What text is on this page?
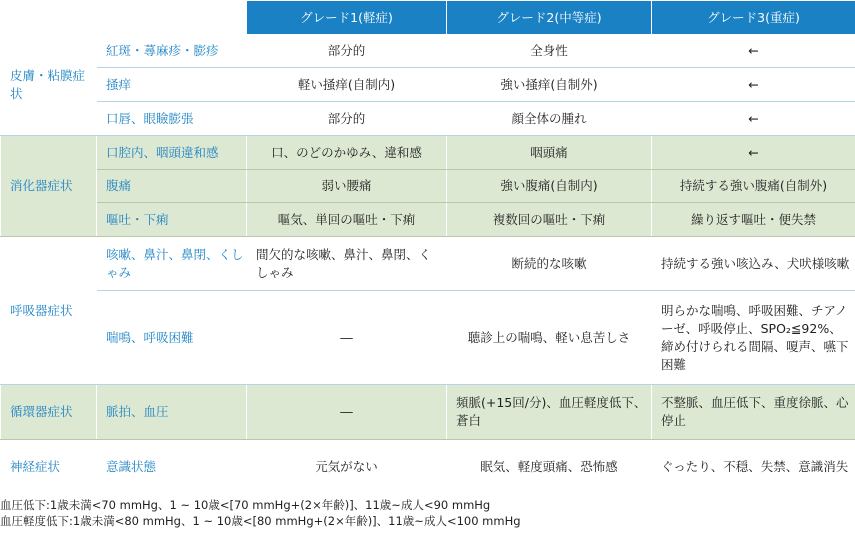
		グレード1(軽症)	グレード2(中等症)	グレード3(重症)
皮膚・粘膜症状	紅斑・蕁麻疹・膨疹	部分的	全身性	←
	掻痒	軽い掻痒(自制内)	強い掻痒(自制外)	←
	口唇、眼瞼膨張	部分的	顔全体の腫れ	←
消化器症状	口腔内、咽頭違和感	口、のどのかゆみ、違和感	咽頭痛	←
	腹痛	弱い腰痛	強い腹痛(自制内)	持続する強い腹痛(自制外)
	嘔吐・下痢	嘔気、単回の嘔吐・下痢	複数回の嘔吐・下痢	繰り返す嘔吐・便失禁
呼吸器症状	咳嗽、鼻汁、鼻閉、くしゃみ	間欠的な咳嗽、鼻汁、鼻閉、くしゃみ	断続的な咳嗽	持続する強い咳込み、犬吠様咳嗽
	喘鳴、呼吸困難	―	聴診上の喘鳴、軽い息苦しさ	明らかな喘鳴、呼吸困難、チアノーゼ、呼吸停止、SPO₂≦92%、締め付けられる間隔、嗄声、嚥下困難
循環器症状	脈拍、血圧	―	頻脈(+15回/分)、血圧軽度低下、蒼白	不整脈、血圧低下、重度徐脈、心停止
神経症状	意識状態	元気がない	眠気、軽度頭痛、恐怖感	ぐったり、不穏、失禁、意識消失
血圧低下:1歳未満<70 mmHg、1 ~ 10歳<[70 mmHg+(2×年齢)]、11歳~成人<90 mmHg
血圧軽度低下:1歳未満<80 mmHg、1 ~ 10歳<[80 mmHg+(2×年齢)]、11歳~成人<100 mmHg
